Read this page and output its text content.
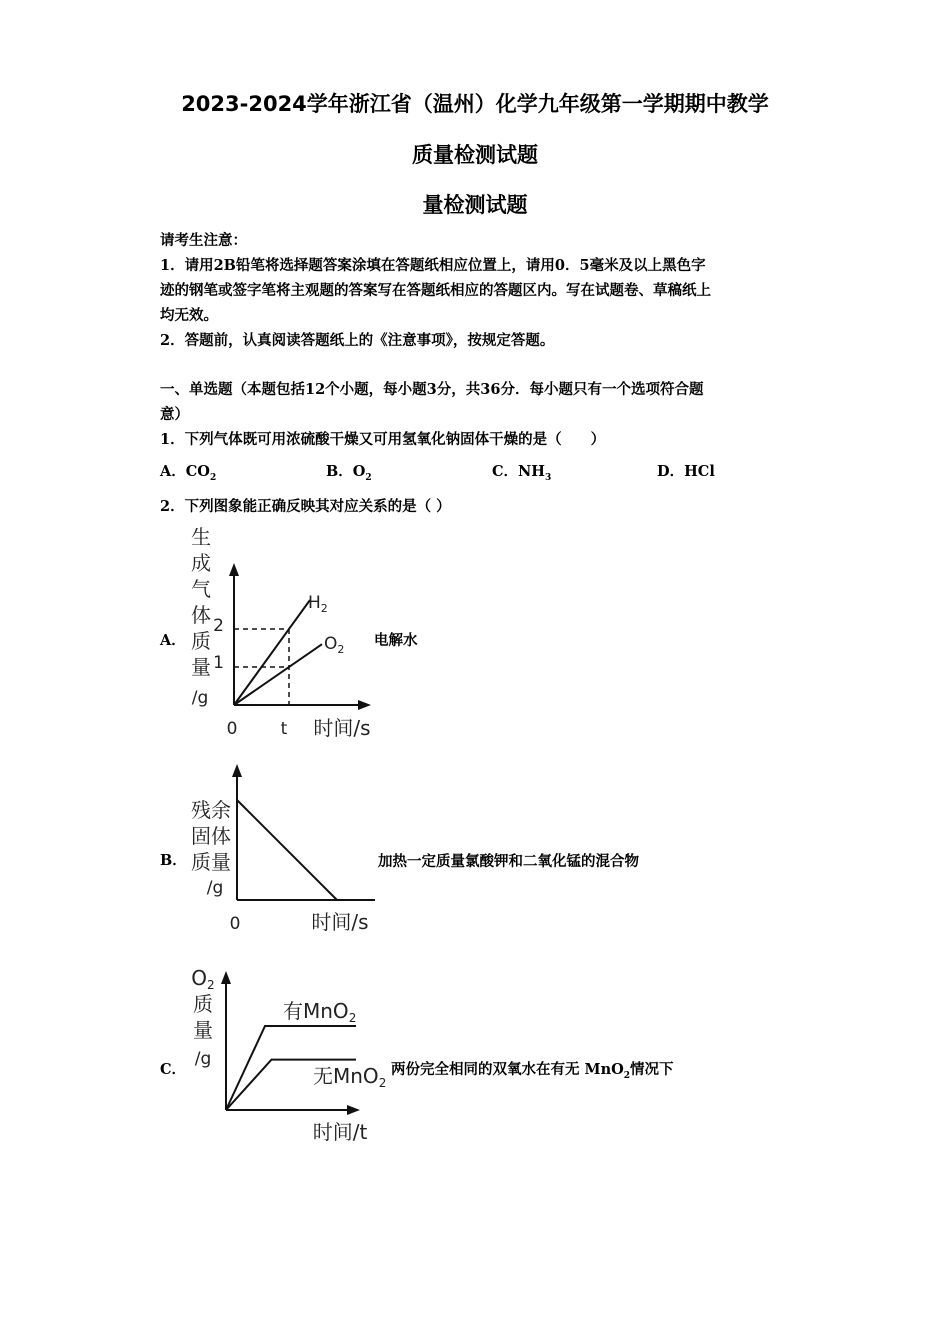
2023-2024学年浙江省（温州）化学九年级第一学期期中教学
质量检测试题
量检测试题
请考生注意：
1．请用2B铅笔将选择题答案涂填在答题纸相应位置上，请用0．5毫米及以上黑色字
迹的钢笔或签字笔将主观题的答案写在答题纸相应的答题区内。写在试题卷、草稿纸上
均无效。
2．答题前，认真阅读答题纸上的《注意事项》，按规定答题。
一、单选题（本题包括12个小题，每小题3分，共36分．每小题只有一个选项符合题
意）
1．下列气体既可用浓硫酸干燥又可用氢氧化钠固体干燥的是（　　）
A．$CO_2$	B．$O_2$	C．$NH_3$	D．HCl
2．下列图象能正确反映其对应关系的是（ ）
A．
生
成
气
体
质
量
/g
2
1
0	t 时间/s
$H_2$
$O_2$
电解水
B．
残余
固体
质量
/g
0	时间/s
加热一定质量氯酸钾和二氧化锰的混合物
C．
$O_2$
质
量
/g
有MnO$_2$
无MnO$_2$
时间/t
两份完全相同的双氧水在有无 MnO$_2$情况下
